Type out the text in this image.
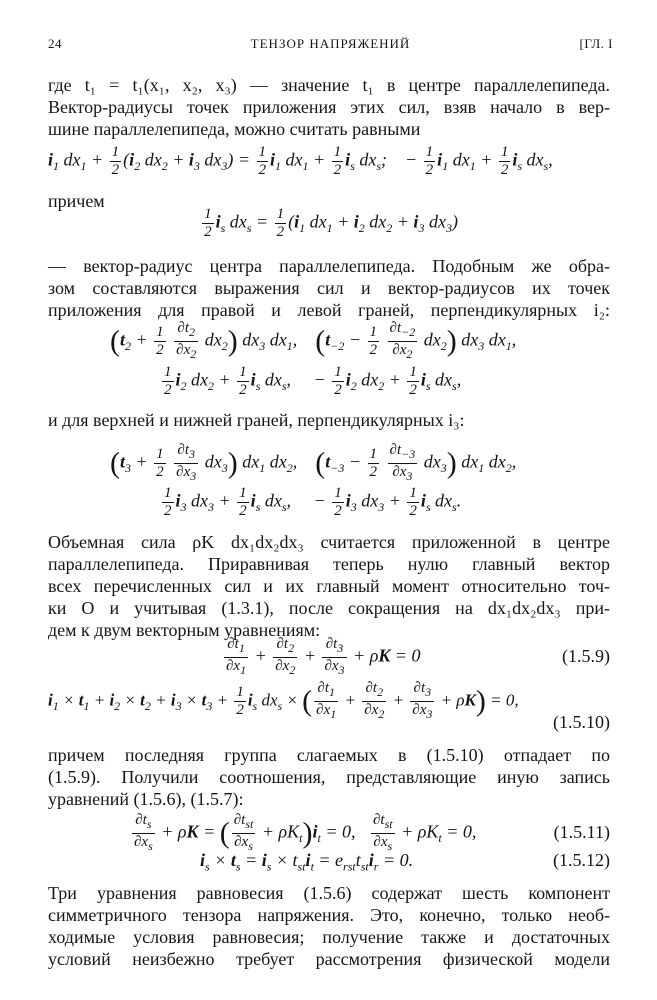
24	ТЕНЗОР НАПРЯЖЕНИЙ	[ГЛ. I
где t₁ = t₁(x₁, x₂, x₃) — значение t₁ в центре параллелепипеда.
Вектор-радиусы точек приложения этих сил, взяв начало в вер-
шине параллелепипеда, можно считать равными
$i_1$ $dx_1 + \frac{1}{2} (i_2$ $dx_2 + i_3$ $dx_3) = \frac{1}{2} i_1$ $dx_1 + \frac{1}{2} i_s$ $dx_s$;    − $\frac{1}{2} i_1$ $dx_1 + \frac{1}{2} i_s$ $dx_s$,
причем
$\frac{1}{2} i_s$ $dx_s = \frac{1}{2} (i_1$ $dx_1 + i_2$ $dx_2 + i_3$ $dx_3$)
— вектор-радиус центра параллелепипеда. Подобным же обра-
зом составляются выражения сил и вектор-радиусов их точек
приложения для правой и левой граней, перпендикулярных i₂:
($t_2 + \frac{1}{2}$
$\frac{\partial t_2}{\partial x_2} dx_2$) $dx_3$ $dx_1$,    ($t_{-2} - \frac{1}{2}$
$\frac{\partial t_{-2}}{\partial x_2} dx_2$) $dx_3$ $dx_1$,
$\frac{1}{2} i_2$ $dx_2 + \frac{1}{2} i_s$ $dx_s$,     − $\frac{1}{2} i_2$ $dx_2 + \frac{1}{2} i_s$ $dx_s$,
и для верхней и нижней граней, перпендикулярных i₃:
($t_3 + \frac{1}{2}$
$\frac{\partial t_3}{\partial x_3} dx_3$) $dx_1$ $dx_2$,    ($t_{-3} - \frac{1}{2}$
$\frac{\partial t_{-3}}{\partial x_3} dx_3$) $dx_1$ $dx_2$,
$\frac{1}{2} i_3$ $dx_3 + \frac{1}{2} i_s$ $dx_s$,     − $\frac{1}{2} i_3$ $dx_3 + \frac{1}{2} i_s$ $dx_s$.
Объемная сила ρK dx₁dx₂dx₃ считается приложенной в центре
параллелепипеда. Приравнивая теперь нулю главный вектор
всех перечисленных сил и их главный момент относительно точ-
ки O и учитывая (1.3.1), после сокращения на dx₁dx₂dx₃ при-
дем к двум векторным уравнениям:
$\frac{\partial t_1}{\partial x_1} + \frac{\partial t_2}{\partial x_2} + \frac{\partial t_3}{\partial x_3} + \rho K = 0$	(1.5.9)
$i_1 \times t_1 + i_2 \times t_2 + i_3 \times t_3 + \frac{1}{2} i_s$ $dx_s$ × ( $\frac{\partial t_1}{\partial x_1} + \frac{\partial t_2}{\partial x_2} + \frac{\partial t_3}{\partial x_3} + \rho K) = 0$,
(1.5.10)
причем последняя группа слагаемых в (1.5.10) отпадает по
(1.5.9). Получили соотношения, представляющие иную запись
уравнений (1.5.6), (1.5.7):
$\frac{\partial t_s}{\partial x_s} + \rho K$ = ( $\frac{\partial t_{st}}{\partial x_s} + \rho K_t)i_t = 0$, $\frac{\partial t_{st}}{\partial x_s} + \rho K_t = 0$,	(1.5.11)
$i_s \times t_s = i_s \times t_{st}i_t = e_{rst}t_{st}i_r = 0$.	(1.5.12)
Три уравнения равновесия (1.5.6) содержат шесть компонент
симметричного тензора напряжения. Это, конечно, только необ-
ходимые условия равновесия; получение также и достаточных
условий неизбежно требует рассмотрения физической модели
